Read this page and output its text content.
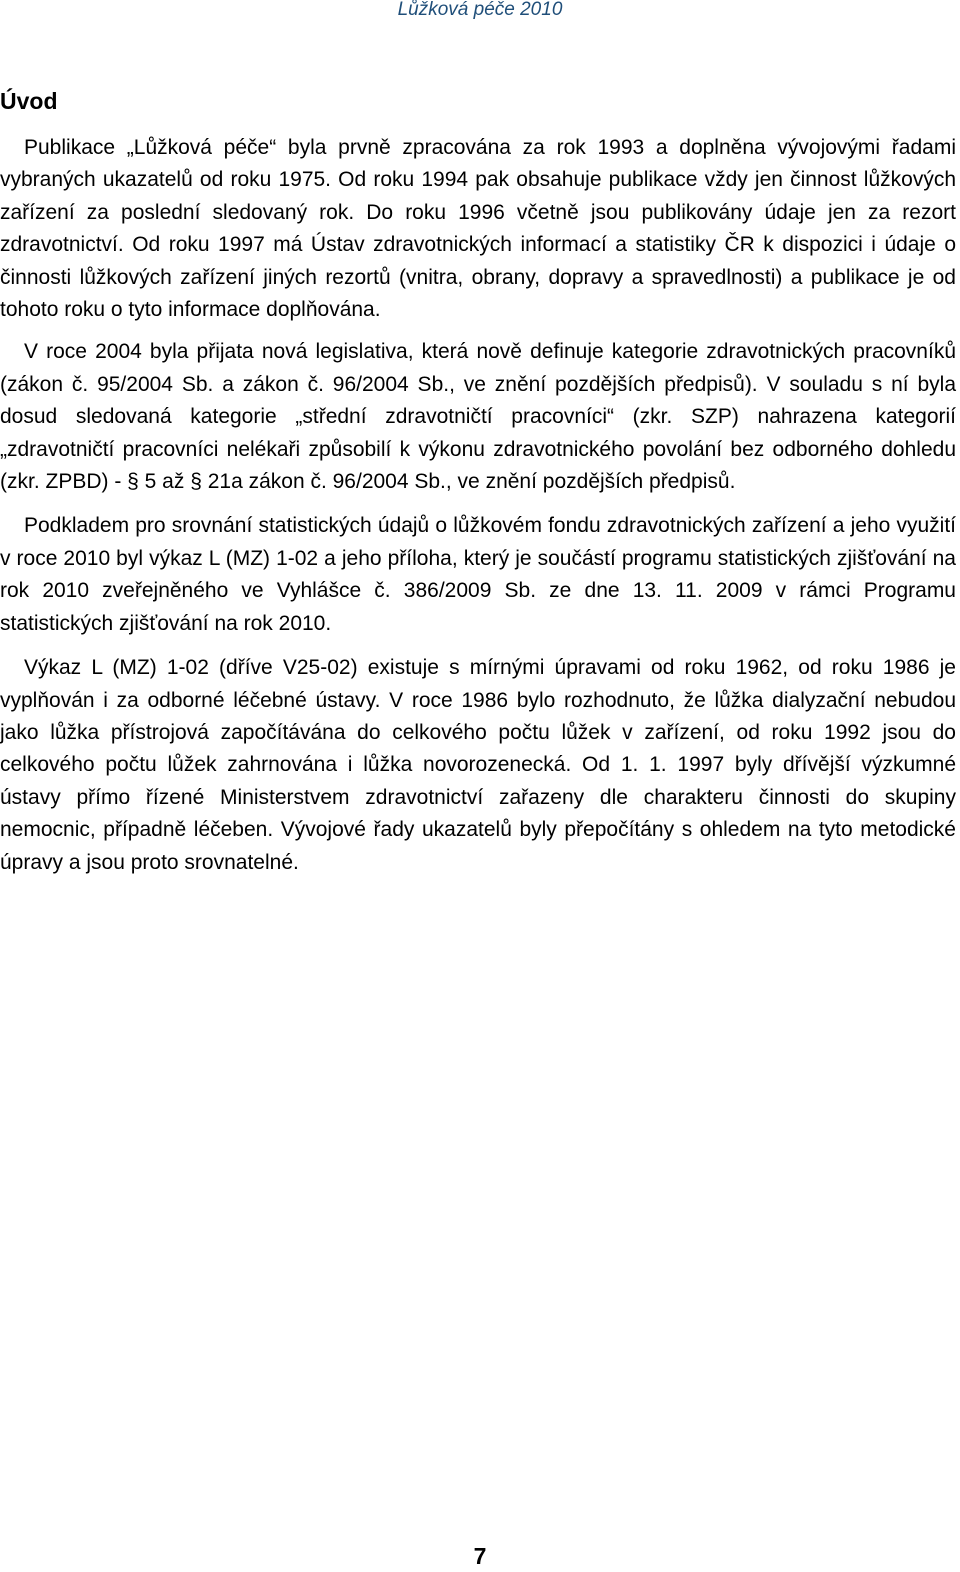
Lůžková péče 2010
Úvod

Publikace „Lůžková péče“ byla prvně zpracována za rok 1993 a doplněna vývojovými řadami vybraných ukazatelů od roku 1975. Od roku 1994 pak obsahuje publikace vždy jen činnost lůžkových zařízení za poslední sledovaný rok. Do roku 1996 včetně jsou publikovány údaje jen za rezort zdravotnictví. Od roku 1997 má Ústav zdravotnických informací a statistiky ČR k dispozici i údaje o činnosti lůžkových zařízení jiných rezortů (vnitra, obrany, dopravy a spravedlnosti) a publikace je od tohoto roku o tyto informace doplňována.

V roce 2004 byla přijata nová legislativa, která nově definuje kategorie zdravotnických pracovníků (zákon č. 95/2004 Sb. a zákon č. 96/2004 Sb., ve znění pozdějších předpisů). V souladu s ní byla dosud sledovaná kategorie „střední zdravotničtí pracovníci“ (zkr. SZP) nahrazena kategorií „zdravotničtí pracovníci nelékaři způsobilí k výkonu zdravotnického povolání bez odborného dohledu (zkr. ZPBD) - § 5 až § 21a zákon č. 96/2004 Sb., ve znění pozdějších předpisů.

Podkladem pro srovnání statistických údajů o lůžkovém fondu zdravotnických zařízení a jeho využití v roce 2010 byl výkaz L (MZ) 1-02 a jeho příloha, který je součástí programu statistických zjišťování na rok 2010 zveřejněného ve Vyhlášce č. 386/2009 Sb. ze dne 13. 11. 2009 v rámci Programu statistických zjišťování na rok 2010.

Výkaz L (MZ) 1-02 (dříve V25-02) existuje s mírnými úpravami od roku 1962, od roku 1986 je vyplňován i za odborné léčebné ústavy. V roce 1986 bylo rozhodnuto, že lůžka dialyzační nebudou jako lůžka přístrojová započítávána do celkového počtu lůžek v zařízení, od roku 1992 jsou do celkového počtu lůžek zahrnována i lůžka novorozenecká. Od 1. 1. 1997 byly dřívější výzkumné ústavy přímo řízené Ministerstvem zdravotnictví zařazeny dle charakteru činnosti do skupiny nemocnic, případně léčeben. Vývojové řady ukazatelů byly přepočítány s ohledem na tyto metodické úpravy a jsou proto srovnatelné.

7
